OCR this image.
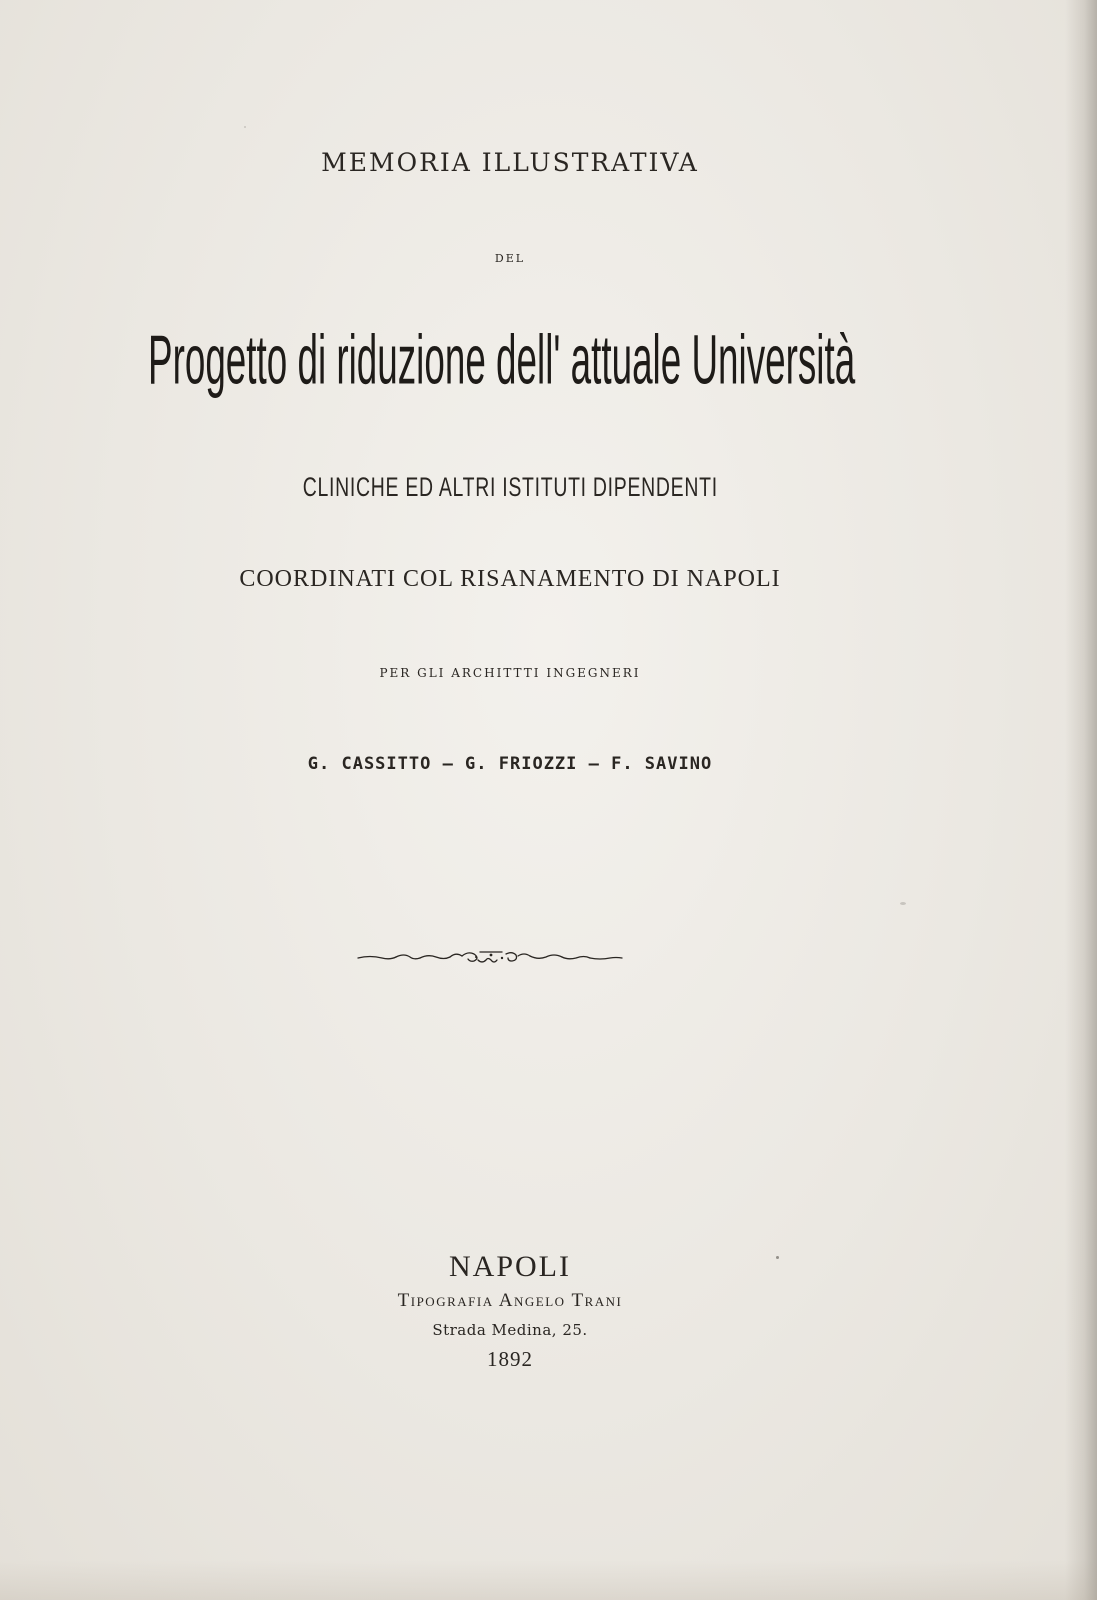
MEMORIA ILLUSTRATIVA
DEL
Progetto di riduzione dell' attuale Università
CLINICHE ED ALTRI ISTITUTI DIPENDENTI
COORDINATI COL RISANAMENTO DI NAPOLI
PER GLI ARCHITTTI INGEGNERI
G. CASSITTO — G. FRIOZZI — F. SAVINO
NAPOLI
Tipografia Angelo Trani
Strada Medina, 25.
1892
